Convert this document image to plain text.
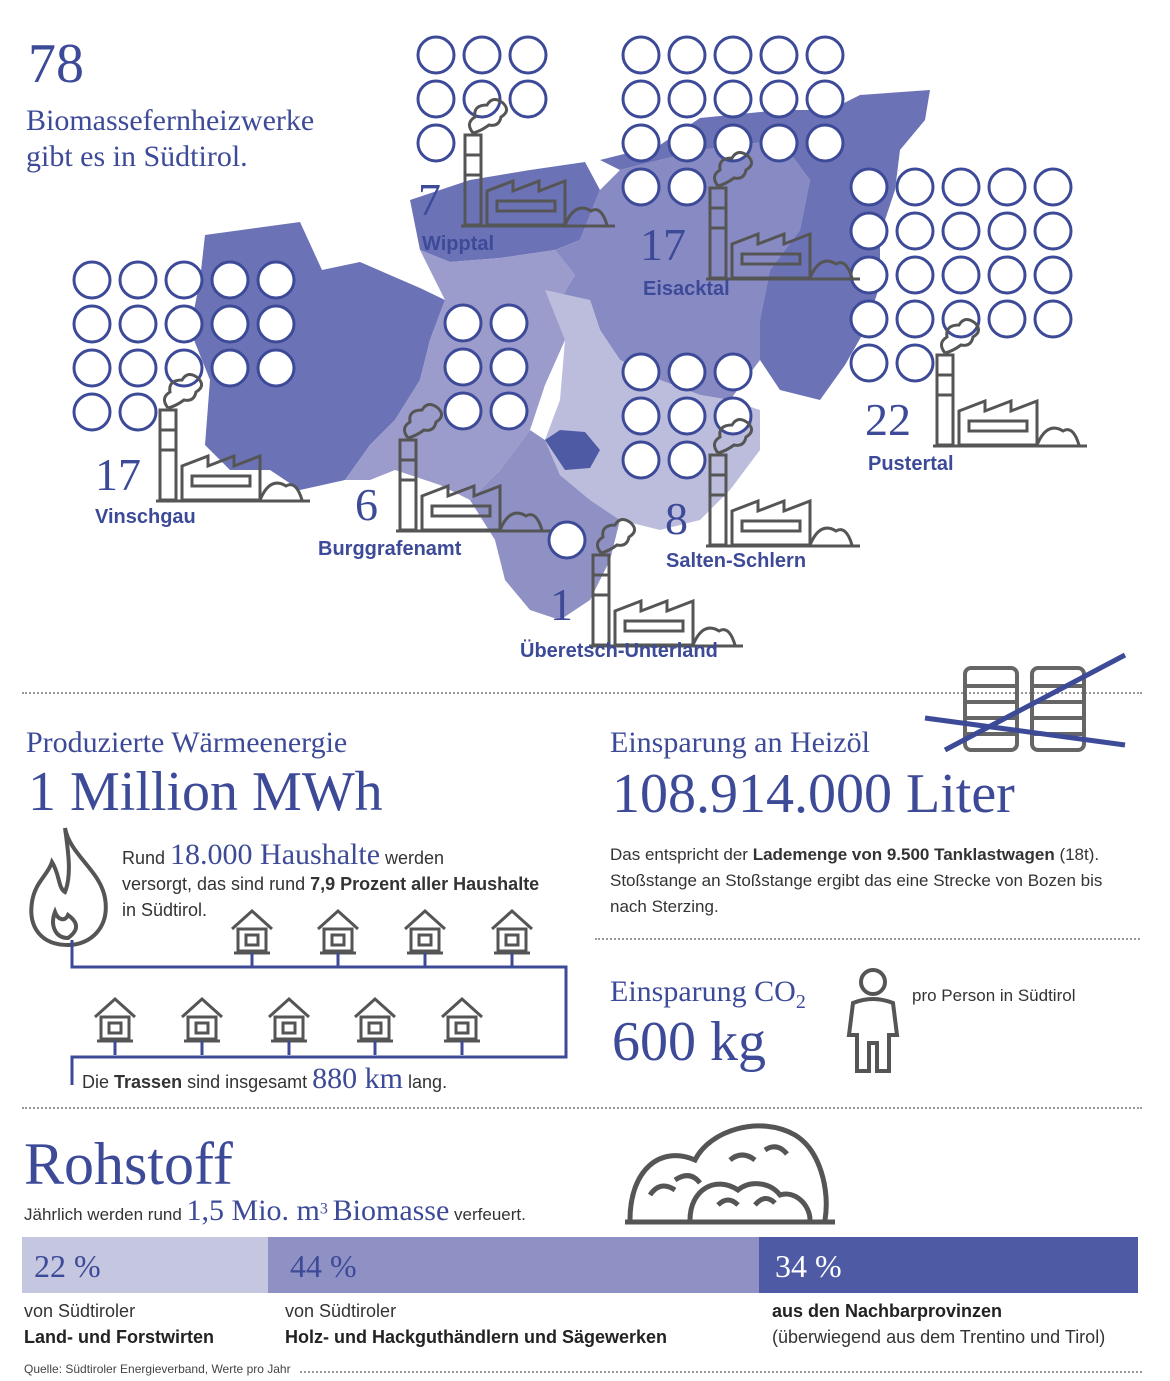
78
Biomassefernheizwerke
gibt es in Südtirol.
17
Vinschgau
7
Wipptal	17
Eisacktal
22
Pustertal
6
Burggrafenamt
8
Salten-Schlern
1
Überetsch-Unterland
Produzierte Wärmeenergie
1 Million MWh
Rund 18.000 Haushalte werden
versorgt, das sind rund 7,9 Prozent aller Haushalte
in Südtirol.
Die Trassen sind insgesamt 880 km lang.
Einsparung an Heizöl
108.914.000 Liter
Das entspricht der Lademenge von 9.500 Tanklastwagen (18t).
Stoßstange an Stoßstange ergibt das eine Strecke von Bozen bis
nach Sterzing.
Einsparung $CO_2$
600 kg
pro Person in Südtirol
Rohstoff
Jährlich werden rund 1,5 Mio. $m^3$ Biomasse verfeuert.
22 %	44 %	34 %
von Südtiroler
Land- und Forstwirten
von Südtiroler
Holz- und Hackguthändlern und Sägewerken
aus den Nachbarprovinzen
(überwiegend aus dem Trentino und Tirol)
Quelle: Südtiroler Energieverband, Werte pro Jahr
